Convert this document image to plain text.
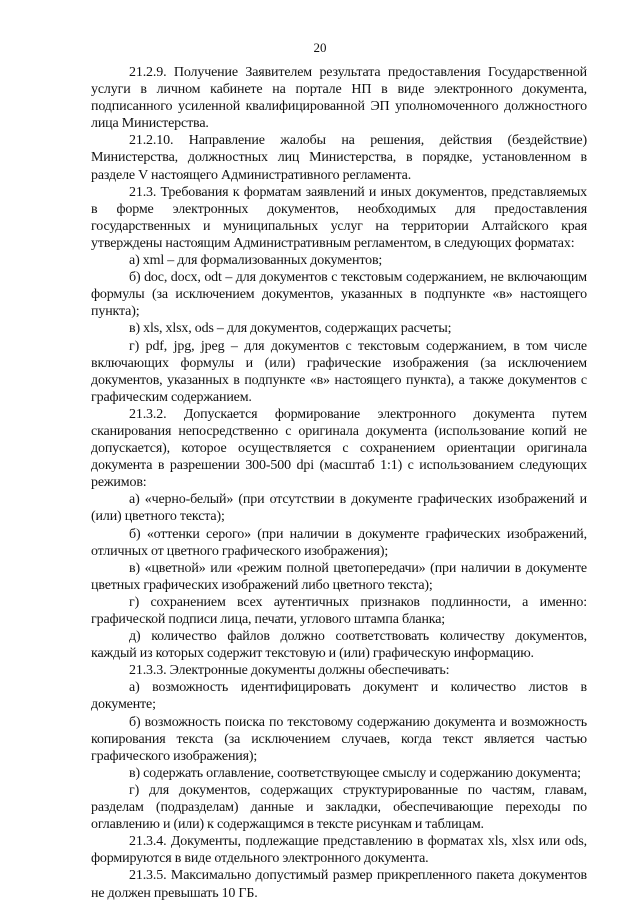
20

21.2.9. Получение Заявителем результата предоставления Государственной услуги в личном кабинете на портале НП в виде электронного документа, подписанного усиленной квалифицированной ЭП уполномоченного должностного лица Министерства.

21.2.10. Направление жалобы на решения, действия (бездействие) Министерства, должностных лиц Министерства, в порядке, установленном в разделе V настоящего Административного регламента.

21.3. Требования к форматам заявлений и иных документов, представляемых в форме электронных документов, необходимых для предоставления государственных и муниципальных услуг на территории Алтайского края утверждены настоящим Административным регламентом, в следующих форматах:

а) xml – для формализованных документов;

б) doc, docx, odt – для документов с текстовым содержанием, не включающим формулы (за исключением документов, указанных в подпункте «в» настоящего пункта);

в) xls, xlsx, ods – для документов, содержащих расчеты;

г) pdf, jpg, jpeg – для документов с текстовым содержанием, в том числе включающих формулы и (или) графические изображения (за исключением документов, указанных в подпункте «в» настоящего пункта), а также документов с графическим содержанием.

21.3.2. Допускается формирование электронного документа путем сканирования непосредственно с оригинала документа (использование копий не допускается), которое осуществляется с сохранением ориентации оригинала документа в разрешении 300-500 dpi (масштаб 1:1) с использованием следующих режимов:

а) «черно-белый» (при отсутствии в документе графических изображений и (или) цветного текста);

б) «оттенки серого» (при наличии в документе графических изображений, отличных от цветного графического изображения);

в) «цветной» или «режим полной цветопередачи» (при наличии в документе цветных графических изображений либо цветного текста);

г) сохранением всех аутентичных признаков подлинности, а именно: графической подписи лица, печати, углового штампа бланка;

д) количество файлов должно соответствовать количеству документов, каждый из которых содержит текстовую и (или) графическую информацию.

21.3.3. Электронные документы должны обеспечивать:

а) возможность идентифицировать документ и количество листов в документе;

б) возможность поиска по текстовому содержанию документа и возможность копирования текста (за исключением случаев, когда текст является частью графического изображения);

в) содержать оглавление, соответствующее смыслу и содержанию документа;

г) для документов, содержащих структурированные по частям, главам, разделам (подразделам) данные и закладки, обеспечивающие переходы по оглавлению и (или) к содержащимся в тексте рисункам и таблицам.

21.3.4. Документы, подлежащие представлению в форматах xls, xlsx или ods, формируются в виде отдельного электронного документа.

21.3.5. Максимально допустимый размер прикрепленного пакета документов не должен превышать 10 ГБ.
